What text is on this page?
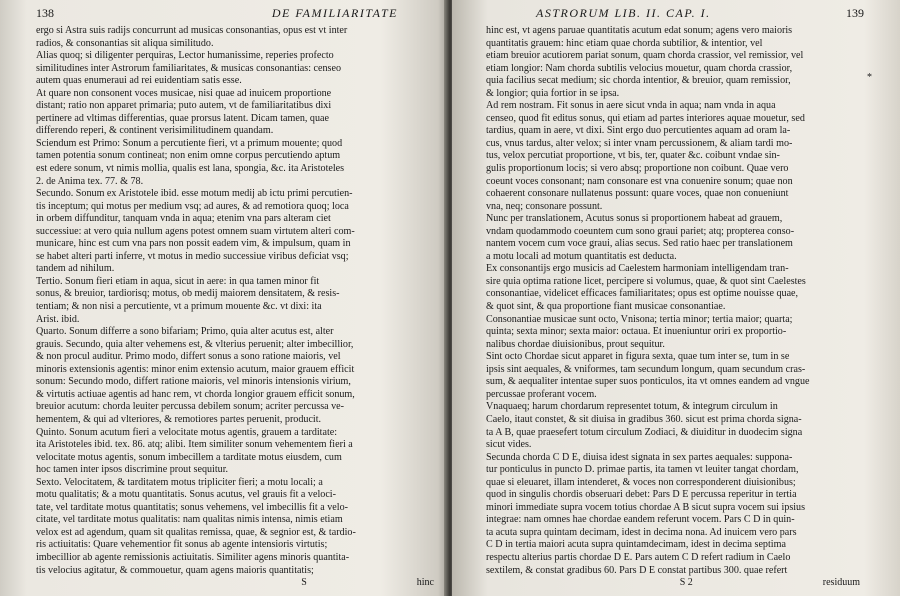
138	DE FAMILIARITATE
ergo si Astra suis radijs concurrunt ad musicas consonantias, opus est vt inter
radios, & consonantias sit aliqua similitudo.
Alias quoq; si diligenter perquiras, Lector humanissime, reperies profecto
similitudines inter Astrorum familiaritates, & musicas consonantias: censeo
autem quas enumeraui ad rei euidentiam satis esse.
At quare non consonent voces musicae, nisi quae ad inuicem proportione
distant; ratio non apparet primaria; puto autem, vt de familiaritatibus dixi
pertinere ad vltimas differentias, quae prorsus latent. Dicam tamen, quae
differendo reperi, & continent verisimilitudinem quandam.
Sciendum est Primo: Sonum a percutiente fieri, vt a primum mouente; quod
tamen potentia sonum contineat; non enim omne corpus percutiendo aptum
est edere sonum, vt nimis mollia, qualis est lana, spongia, &c. ita Aristoteles
2. de Anima tex. 77. & 78.
Secundo. Sonum ex Aristotele ibid. esse motum medij ab ictu primi percutien-
tis inceptum; qui motus per medium vsq; ad aures, & ad remotiora quoq; loca
in orbem diffunditur, tanquam vnda in aqua; etenim vna pars alteram ciet
successiue: at vero quia nullum agens potest omnem suam virtutem alteri com-
municare, hinc est cum vna pars non possit eadem vim, & impulsum, quam in
se habet alteri parti inferre, vt motus in medio successiue viribus deficiat vsq;
tandem ad nihilum.
Tertio. Sonum fieri etiam in aqua, sicut in aere: in qua tamen minor fit
sonus, & breuior, tardiorisq; motus, ob medij maiorem densitatem, & resis-
tentiam; & non nisi a percutiente, vt a primum mouente &c. vt dixi: ita
Arist. ibid.
Quarto. Sonum differre a sono bifariam; Primo, quia alter acutus est, alter
grauis. Secundo, quia alter vehemens est, & vlterius peruenit; alter imbecillior,
& non procul auditur. Primo modo, differt sonus a sono ratione maioris, vel
minoris extensionis agentis: minor enim extensio acutum, maior grauem efficit
sonum: Secundo modo, differt ratione maioris, vel minoris intensionis virium,
& virtutis actiuae agentis ad hanc rem, vt chorda longior grauem efficit sonum,
breuior acutum: chorda leuiter percussa debilem sonum; acriter percussa ve-
hementem, & qui ad vlteriores, & remotiores partes peruenit, producit.
Quinto. Sonum acutum fieri a velocitate motus agentis, grauem a tarditate:
ita Aristoteles ibid. tex. 86. atq; alibi. Item similiter sonum vehementem fieri a
velocitate motus agentis, sonum imbecillem a tarditate motus eiusdem, cum
hoc tamen inter ipsos discrimine prout sequitur.
Sexto. Velocitatem, & tarditatem motus tripliciter fieri; a motu locali; a
motu qualitatis; & a motu quantitatis. Sonus acutus, vel grauis fit a veloci-
tate, vel tarditate motus quantitatis; sonus vehemens, vel imbecillis fit a velo-
citate, vel tarditate motus qualitatis: nam qualitas nimis intensa, nimis etiam
velox est ad agendum, quam sit qualitas remissa, quae, & segnior est, & tardio-
ris actiuitatis: Quare vehementior fit sonus ab agente intensioris virtutis;
imbecillior ab agente remissionis actiuitatis. Similiter agens minoris quantita-
tis velocius agitatur, & commouetur, quam agens maioris quantitatis;
S	hinc
ASTRORUM LIB. II. CAP. I.	139
*
hinc est, vt agens paruae quantitatis acutum edat sonum; agens vero maioris
quantitatis grauem: hinc etiam quae chorda subtilior, & intentior, vel
etiam breuior acutiorem pariat sonum, quam chorda crassior, vel remissior, vel
etiam longior: Nam chorda subtilis velocius mouetur, quam chorda crassior,
quia facilius secat medium; sic chorda intentior, & breuior, quam remissior,
& longior; quia fortior in se ipsa.
Ad rem nostram. Fit sonus in aere sicut vnda in aqua; nam vnda in aqua
censeo, quod fit editus sonus, qui etiam ad partes interiores aquae mouetur, sed
tardius, quam in aere, vt dixi. Sint ergo duo percutientes aquam ad oram la-
cus, vnus tardus, alter velox; si inter vnam percussionem, & aliam tardi mo-
tus, velox percutiat proportione, vt bis, ter, quater &c. coibunt vndae sin-
gulis proportionum locis; si vero absq; proportione non coibunt. Quae vero
coeunt voces consonant; nam consonare est vna conuenire sonum; quae non
cohaerent consonare nullatenus possunt: quare voces, quae non conueniunt
vna, neq; consonare possunt.
Nunc per translationem, Acutus sonus si proportionem habeat ad grauem,
vndam quodammodo coeuntem cum sono graui pariet; atq; propterea conso-
nantem vocem cum voce graui, alias secus. Sed ratio haec per translationem
a motu locali ad motum quantitatis est deducta.
Ex consonantijs ergo musicis ad Caelestem harmoniam intelligendam tran-
sire quia optima ratione licet, percipere si volumus, quae, & quot sint Caelestes
consonantiae, videlicet efficaces familiaritates; opus est optime nouisse quae,
& quot sint, & qua proportione fiant musicae consonantiae.
Consonantiae musicae sunt octo, Vnisona; tertia minor; tertia maior; quarta;
quinta; sexta minor; sexta maior: octaua. Et inueniuntur oriri ex proportio-
nalibus chordae diuisionibus, prout sequitur.
Sint octo Chordae sicut apparet in figura sexta, quae tum inter se, tum in se
ipsis sint aequales, & vniformes, tam secundum longum, quam secundum cras-
sum, & aequaliter intentae super suos ponticulos, ita vt omnes eandem ad vngue
percussae proferant vocem.
Vnaquaeq; harum chordarum representet totum, & integrum circulum in
Caelo, itaut constet, & sit diuisa in gradibus 360. sicut est prima chorda signa-
ta A B, quae praesefert totum circulum Zodiaci, & diuiditur in duodecim signa
sicut vides.
Secunda chorda C D E, diuisa idest signata in sex partes aequales: suppona-
tur ponticulus in puncto D. primae partis, ita tamen vt leuiter tangat chordam,
quae si eleuaret, illam intenderet, & voces non corresponderent diuisionibus;
quod in singulis chordis obseruari debet: Pars D E percussa reperitur in tertia
minori immediate supra vocem totius chordae A B sicut supra vocem sui ipsius
integrae: nam omnes hae chordae eandem referunt vocem. Pars C D in quin-
ta acuta supra quintam decimam, idest in decima nona. Ad inuicem vero pars
C D in tertia maiori acuta supra quintamdecimam, idest in decima septima
respectu alterius partis chordae D E. Pars autem C D refert radium in Caelo
sextilem, & constat gradibus 60. Pars D E constat partibus 300. quae refert
S 2	residuum
